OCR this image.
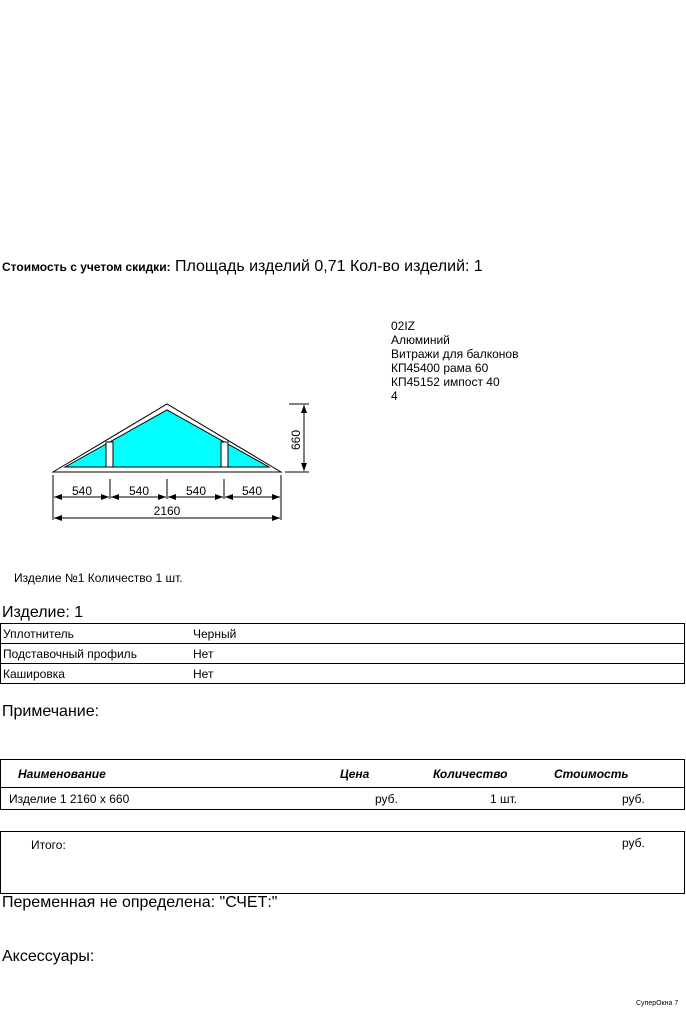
Стоимость с учетом скидки: Площадь изделий 0,71 Кол-во изделий: 1
02IZ
Алюминий
Витражи для балконов
КП45400 рама 60
КП45152 импост 40
4
660
540	540	540	540
2160
Изделие №1 Количество 1 шт.
Изделие: 1
Уплотнитель	Черный
Подставочный профиль	Нет
Кашировка	Нет
Примечание:
Наименование	Цена	Количество	Стоимость
Изделие 1 2160 x 660	руб.	1 шт.	руб.
Итого:	руб.
Переменная не определена: "СЧЕТ:"
Аксессуары:
СуперОкна 7
